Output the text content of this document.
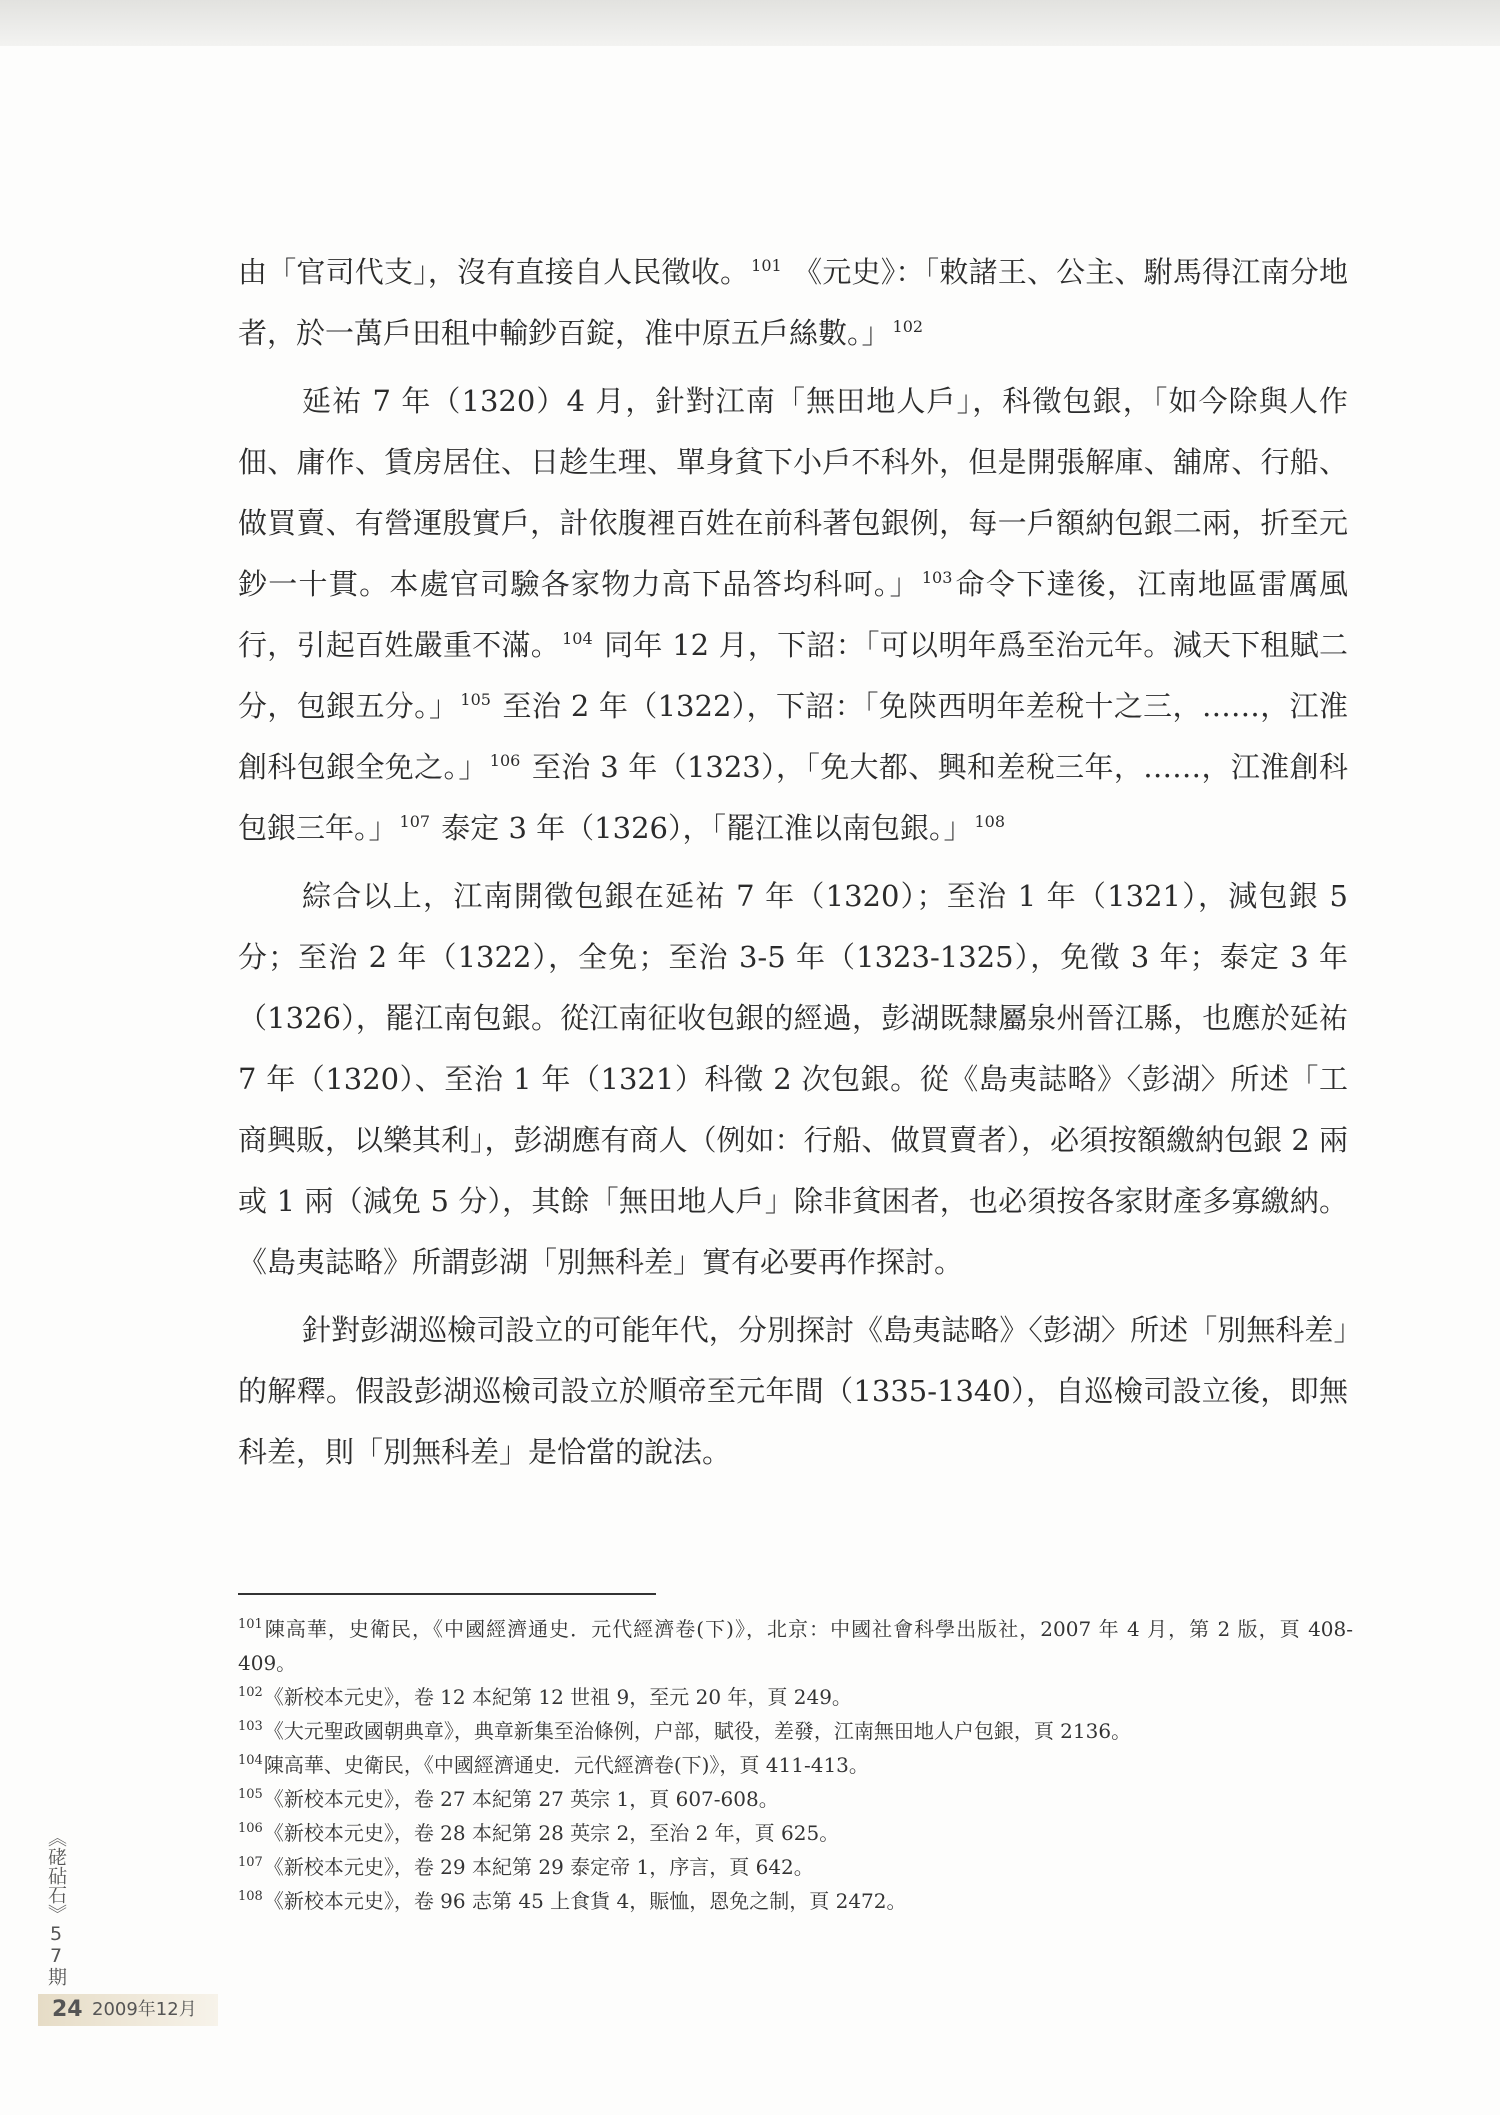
由「官司代支」，沒有直接自人民徵收。 $^{101}$ 《元史》：「敕諸王、公主、駙馬得江南分地者，於一萬戶田租中輸鈔百錠，准中原五戶絲數。」 $^{102}$

延祐 7 年（1320）4 月，針對江南「無田地人戶」，科徵包銀，「如今除與人作佃、庸作、賃房居住、日趁生理、單身貧下小戶不科外，但是開張解庫、舖席、行船、做買賣、有營運殷實戶，計依腹裡百姓在前科著包銀例，每一戶額納包銀二兩，折至元鈔一十貫。本處官司驗各家物力高下品答均科呵。」 $^{103}$命令下達後，江南地區雷厲風行，引起百姓嚴重不滿。 $^{104}$ 同年 12 月，下詔：「可以明年爲至治元年。減天下租賦二分，包銀五分。」 $^{105}$ 至治 2 年（1322），下詔：「免陝西明年差稅十之三，……，江淮創科包銀全免之。」 $^{106}$ 至治 3 年（1323），「免大都、興和差稅三年，……，江淮創科包銀三年。」 $^{107}$ 泰定 3 年（1326），「罷江淮以南包銀。」 $^{108}$

綜合以上，江南開徵包銀在延祐 7 年（1320）；至治 1 年（1321），減包銀 5 分；至治 2 年（1322），全免；至治 3-5 年（1323-1325），免徵 3 年；泰定 3 年（1326），罷江南包銀。從江南征收包銀的經過，彭湖既隸屬泉州晉江縣，也應於延祐 7 年（1320）、至治 1 年（1321）科徵 2 次包銀。從《島夷誌略》〈彭湖〉所述「工商興販，以樂其利」，彭湖應有商人（例如：行船、做買賣者），必須按額繳納包銀 2 兩或 1 兩（減免 5 分），其餘「無田地人戶」除非貧困者，也必須按各家財產多寡繳納。《島夷誌略》所謂彭湖「別無科差」實有必要再作探討。

針對彭湖巡檢司設立的可能年代，分別探討《島夷誌略》〈彭湖〉所述「別無科差」的解釋。假設彭湖巡檢司設立於順帝至元年間（1335-1340），自巡檢司設立後，即無科差，則「別無科差」是恰當的說法。

$^{101}$陳高華，史衛民，《中國經濟通史．元代經濟卷(下)》，北京：中國社會科學出版社，2007 年 4 月，第 2 版，頁 408-409。

$^{102}$《新校本元史》，卷 12 本紀第 12 世祖 9，至元 20 年，頁 249。

$^{103}$《大元聖政國朝典章》，典章新集至治條例，户部，賦役，差發，江南無田地人户包銀，頁 2136。

$^{104}$陳高華、史衛民，《中國經濟通史．元代經濟卷(下)》，頁 411-413。

$^{105}$《新校本元史》，卷 27 本紀第 27 英宗 1，頁 607-608。

$^{106}$《新校本元史》，卷 28 本紀第 28 英宗 2，至治 2 年，頁 625。

$^{107}$《新校本元史》，卷 29 本紀第 29 泰定帝 1，序言，頁 642。

$^{108}$《新校本元史》，卷 96 志第 45 上食貨 4，賑恤，恩免之制，頁 2472。

《硓砧石》57期
24 2009年12月
